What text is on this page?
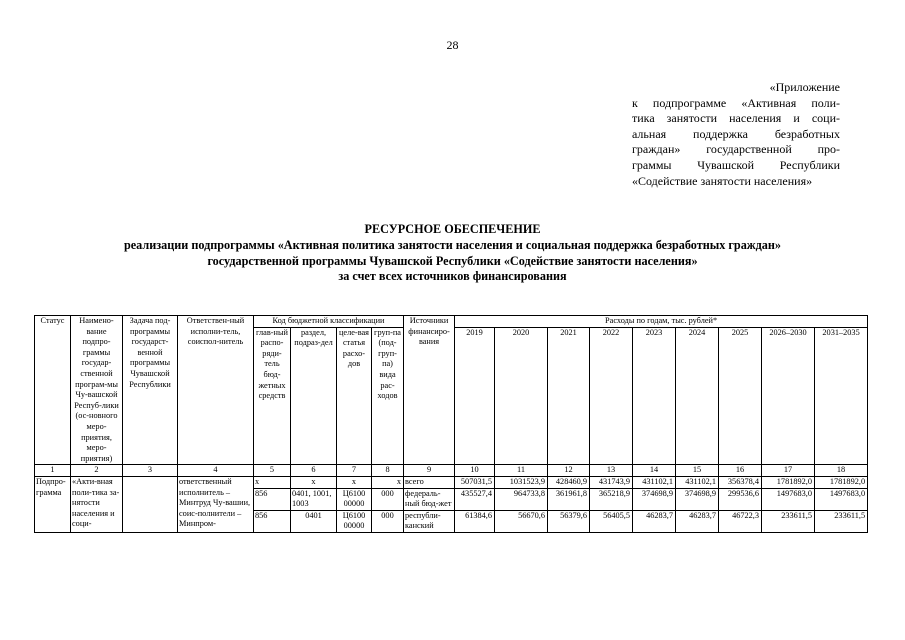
28
«Приложение
к подпрограмме «Активная поли-
тика занятости населения и соци-
альная поддержка безработных
граждан» государственной про-
граммы Чувашской Республики
«Содействие занятости населения»
РЕСУРСНОЕ ОБЕСПЕЧЕНИЕ
реализации подпрограммы «Активная политика занятости населения и социальная поддержка безработных граждан»
государственной программы Чувашской Республики «Содействие занятости населения»
за счет всех источников финансирования
Статус	Наимено-вание подпро-граммы государ-ственной програм-мы Чу-вашской Респуб-лики (ос-новного меро-приятия, меро-приятия)	Задача под-программы государст-венной программы Чувашской Республики	Ответствен-ный исполни-тель, соиспол-нитель	Код бюджетной классификации				Источники финансиро-вания	Расходы по годам, тыс. рублей*								
				глав-ный распо-ряди-тель бюд-жетных средств	раздел, подраз-дел	целе-вая статья расхо-дов	груп-па (под-груп-па) вида рас-ходов		2019	2020	2021	2022	2023	2024	2025	2026–2030	2031–2035
1	2	3	4	5	6	7	8	9	10	11	12	13	14	15	16	17	18
Подпро-грамма	«Акти-вная поли-тика за-нятости населения и соци-		ответственный исполнитель – Минтруд Чу-вашии, соис-полнители – Минпром-	x	x	x	x	всего	507031,5	1031523,9	428460,9	431743,9	431102,1	431102,1	356378,4	1781892,0	1781892,0
				856	0401, 1001, 1003	Ц6100 00000	000	федераль-ный бюд-жет	435527,4	964733,8	361961,8	365218,9	374698,9	374698,9	299536,6	1497683,0	1497683,0
				856	0401	Ц6100 00000	000	республи-канский	61384,6	56670,6	56379,6	56405,5	46283,7	46283,7	46722,3	233611,5	233611,5
